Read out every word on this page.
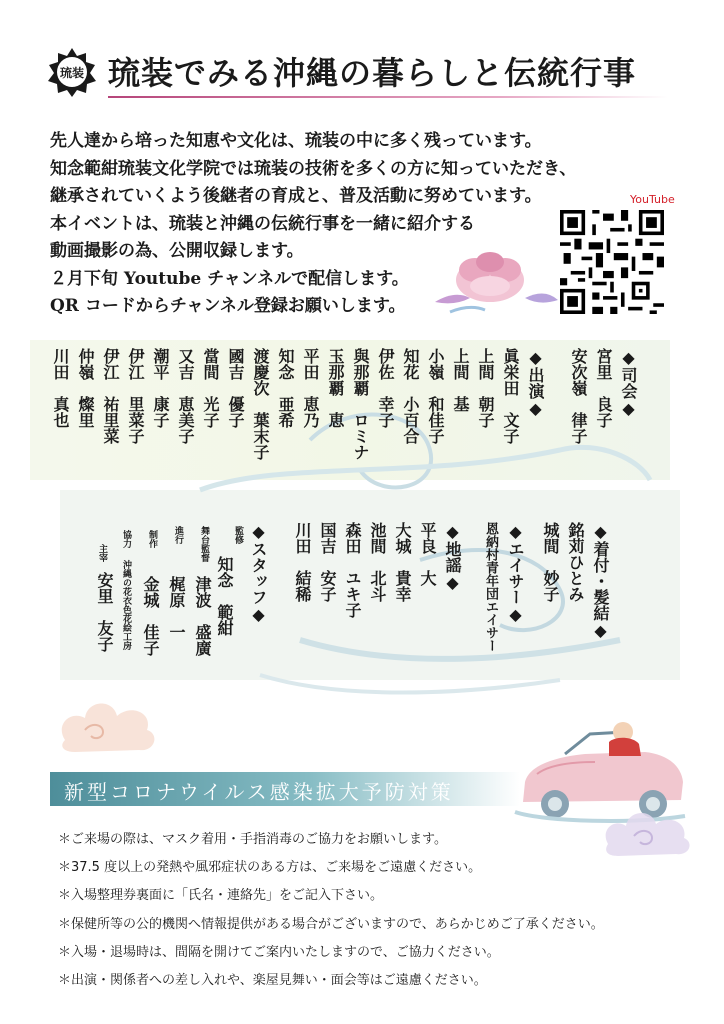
琉装 琉装でみる沖縄の暮らしと伝統行事
先人達から培った知恵や文化は、琉装の中に多く残っています。
知念範紺琉装文化学院では琉装の技術を多くの方に知っていただき、
継承されていくよう後継者の育成と、普及活動に努めています。
本イベントは、琉装と沖縄の伝統行事を一緒に紹介する
動画撮影の為、公開収録します。
２月下旬 Youtube チャンネルで配信します。
QR コードからチャンネル登録お願いします。
YouTube
◆司会◆
宮里　良子
安次嶺　律子
◆出演◆
眞栄田　文子
上間　朝子
上間　基
小嶺　和佳子
知花　小百合
伊佐　幸子
與那覇　ロミナ
玉那覇　恵
平田　恵乃
知念　亜希
渡慶次　葉末子
國吉　優子
當間　光子
又吉　恵美子
潮平　康子
伊江　里菜子
伊江　祐里菜
仲嶺　燦里
川田　真也
◆着付・髪結◆
銘苅ひとみ
城間　妙子
◆エイサー◆
恩納村青年団エイサー
◆地謡◆
平良　大
大城　貴幸
池間　北斗
森田　ユキ子
国吉　安子
川田　結稀
◆スタッフ◆
監修
知念　範紺
舞台監督
津波　盛廣
進行
梶原　一
制作
金城　佳子
協力
沖縄の花衣色花絵工房
主宰
安里　友子
新型コロナウイルス感染拡大予防対策
＊ご来場の際は、マスク着用・手指消毒のご協力をお願いします。
＊37.5 度以上の発熱や風邪症状のある方は、ご来場をご遠慮ください。
＊入場整理券裏面に「氏名・連絡先」をご記入下さい。
＊保健所等の公的機関へ情報提供がある場合がございますので、あらかじめご了承ください。
＊入場・退場時は、間隔を開けてご案内いたしますので、ご協力ください。
＊出演・関係者への差し入れや、楽屋見舞い・面会等はご遠慮ください。
